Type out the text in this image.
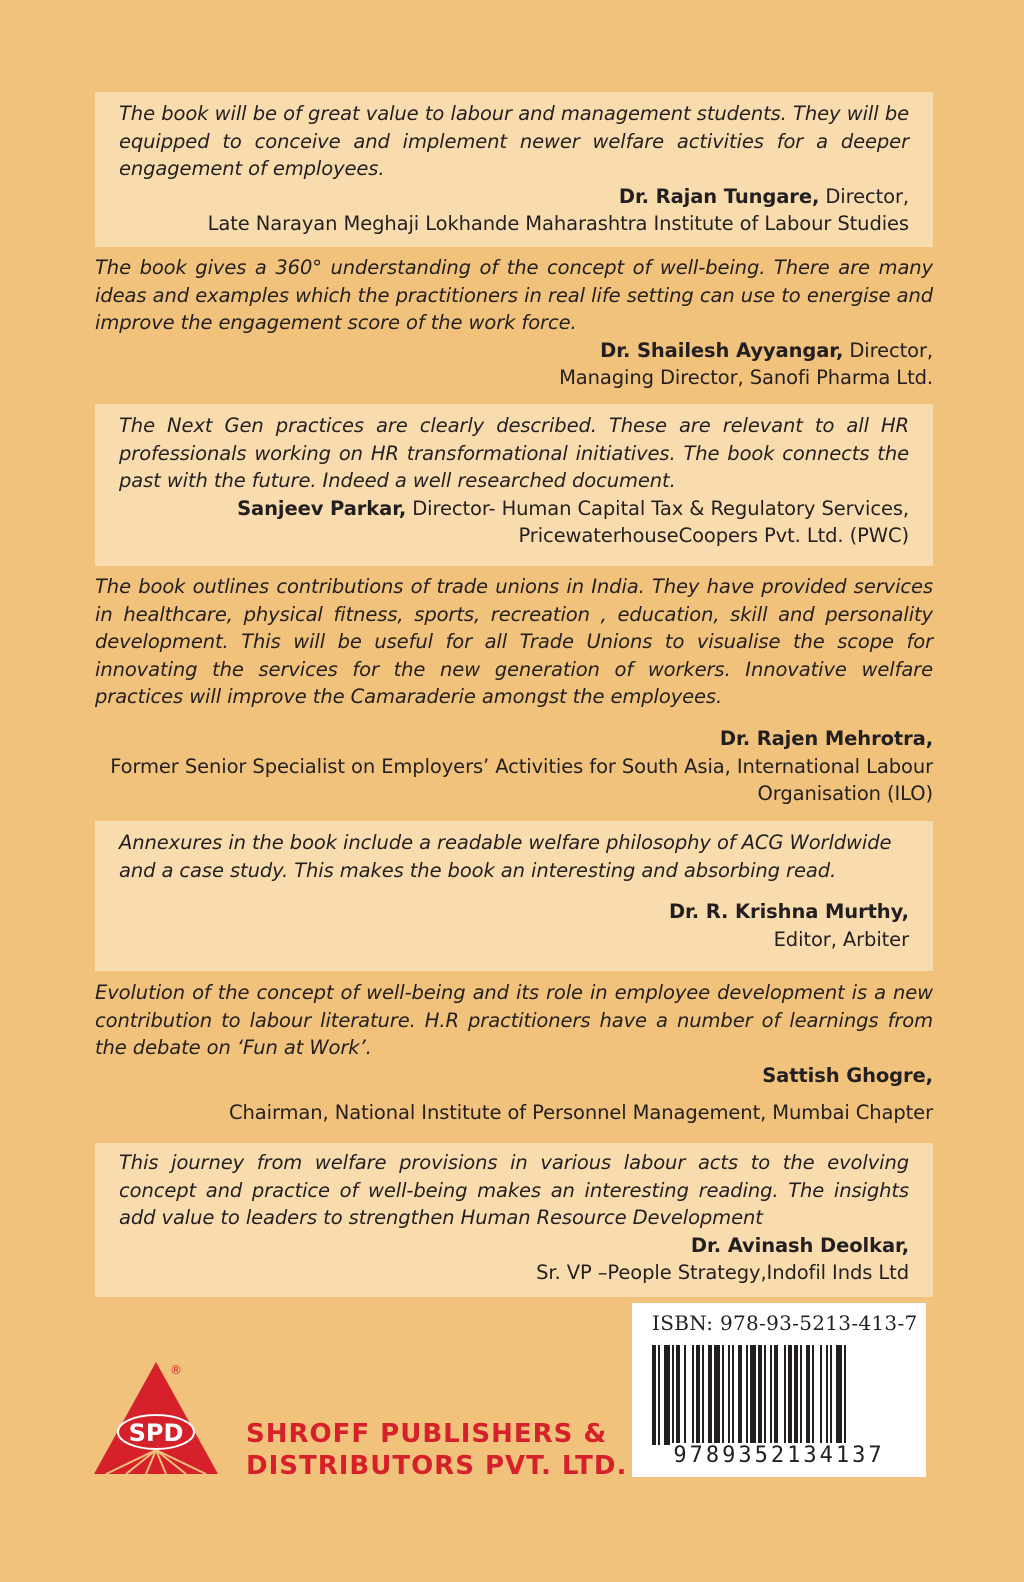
The book will be of great value to labour and management students. They will be equipped to conceive and implement newer welfare activities for a deeper engagement of employees.

Dr. Rajan Tungare, Director,

Late Narayan Meghaji Lokhande Maharashtra Institute of Labour Studies

The book gives a 360° understanding of the concept of well-being. There are many ideas and examples which the practitioners in real life setting can use to energise and improve the engagement score of the work force.

Dr. Shailesh Ayyangar, Director,

Managing Director, Sanofi Pharma Ltd.

The Next Gen practices are clearly described. These are relevant to all HR professionals working on HR transformational initiatives. The book connects the past with the future. Indeed a well researched document.

Sanjeev Parkar, Director- Human Capital Tax & Regulatory Services,

PricewaterhouseCoopers Pvt. Ltd. (PWC)

The book outlines contributions of trade unions in India. They have provided services in healthcare, physical fitness, sports, recreation , education, skill and personality development. This will be useful for all Trade Unions to visualise the scope for innovating the services for the new generation of workers. Innovative welfare practices will improve the Camaraderie amongst the employees.

Dr. Rajen Mehrotra,

Former Senior Specialist on Employers’ Activities for South Asia, International Labour Organisation (ILO)

Annexures in the book include a readable welfare philosophy of ACG Worldwide and a case study. This makes the book an interesting and absorbing read.

Dr. R. Krishna Murthy,

Editor, Arbiter

Evolution of the concept of well-being and its role in employee development is a new contribution to labour literature. H.R practitioners have a number of learnings from the debate on ‘Fun at Work’.

Sattish Ghogre,

Chairman, National Institute of Personnel Management, Mumbai Chapter

This journey from welfare provisions in various labour acts to the evolving concept and practice of well-being makes an interesting reading. The insights add value to leaders to strengthen Human Resource Development

Dr. Avinash Deolkar,

Sr. VP –People Strategy,Indofil Inds Ltd

SPD
®
SHROFF PUBLISHERS &
DISTRIBUTORS PVT. LTD.
ISBN: 978-93-5213-413-7
9789352134137
